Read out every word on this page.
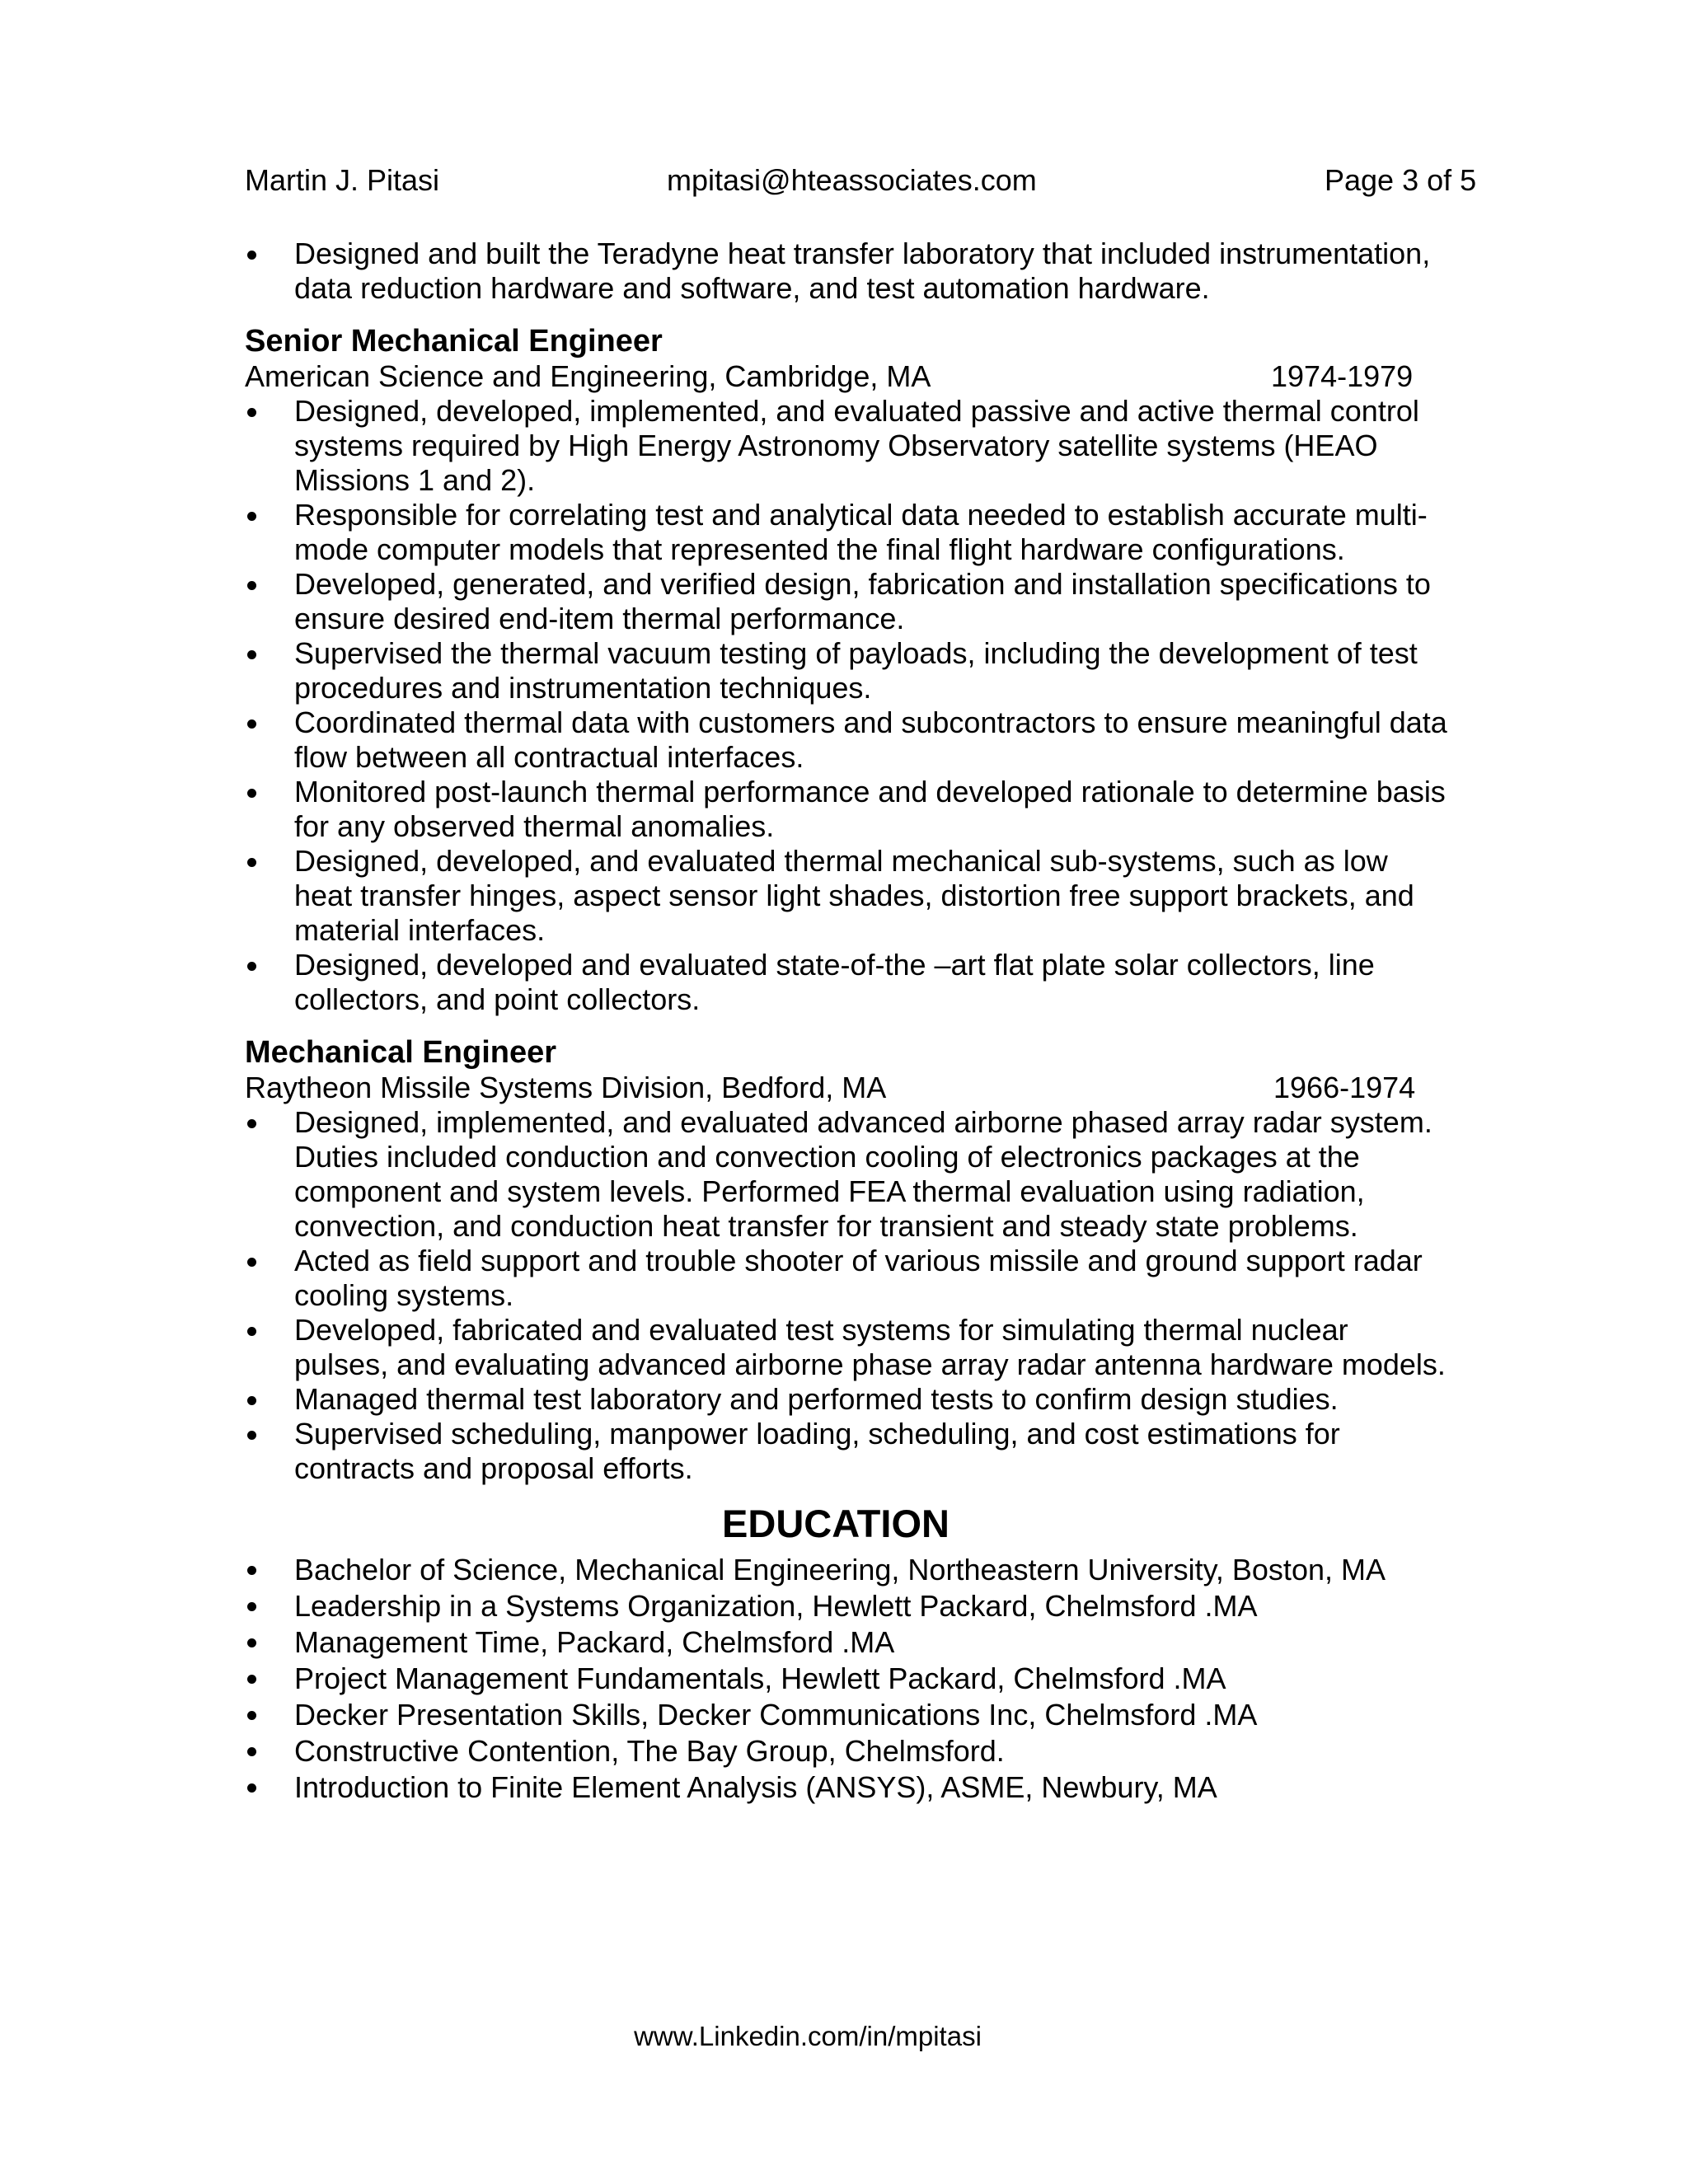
Martin J. Pitasi	mpitasi@hteassociates.com	Page 3 of 5
Designed and built the Teradyne heat transfer laboratory that included instrumentation, data reduction hardware and software, and test automation hardware.
Senior Mechanical Engineer
American Science and Engineering, Cambridge, MA	1974-1979
Designed, developed, implemented, and evaluated passive and active thermal control systems required by High Energy Astronomy Observatory satellite systems (HEAO Missions 1 and 2).
Responsible for correlating test and analytical data needed to establish accurate multi-mode computer models that represented the final flight hardware configurations.
Developed, generated, and verified design, fabrication and installation specifications to ensure desired end-item thermal performance.
Supervised the thermal vacuum testing of payloads, including the development of test procedures and instrumentation techniques.
Coordinated thermal data with customers and subcontractors to ensure meaningful data flow between all contractual interfaces.
Monitored post-launch thermal performance and developed rationale to determine basis for any observed thermal anomalies.
Designed, developed, and evaluated thermal mechanical sub-systems, such as low heat transfer hinges, aspect sensor light shades, distortion free support brackets, and material interfaces.
Designed, developed and evaluated state-of-the –art flat plate solar collectors, line collectors, and point collectors.
Mechanical Engineer
Raytheon Missile Systems Division, Bedford, MA	1966-1974
Designed, implemented, and evaluated advanced airborne phased array radar system. Duties included conduction and convection cooling of electronics packages at the component and system levels. Performed FEA thermal evaluation using radiation, convection, and conduction heat transfer for transient and steady state problems.
Acted as field support and trouble shooter of various missile and ground support radar cooling systems.
Developed, fabricated and evaluated test systems for simulating thermal nuclear pulses, and evaluating advanced airborne phase array radar antenna hardware models.
Managed thermal test laboratory and performed tests to confirm design studies.
Supervised scheduling, manpower loading, scheduling, and cost estimations for contracts and proposal efforts.
EDUCATION
Bachelor of Science, Mechanical Engineering, Northeastern University, Boston, MA
Leadership in a Systems Organization, Hewlett Packard, Chelmsford .MA
Management Time, Packard, Chelmsford .MA
Project Management Fundamentals, Hewlett Packard, Chelmsford .MA
Decker Presentation Skills, Decker Communications Inc, Chelmsford .MA
Constructive Contention, The Bay Group, Chelmsford.
Introduction to Finite Element Analysis (ANSYS), ASME, Newbury, MA
www.Linkedin.com/in/mpitasi
